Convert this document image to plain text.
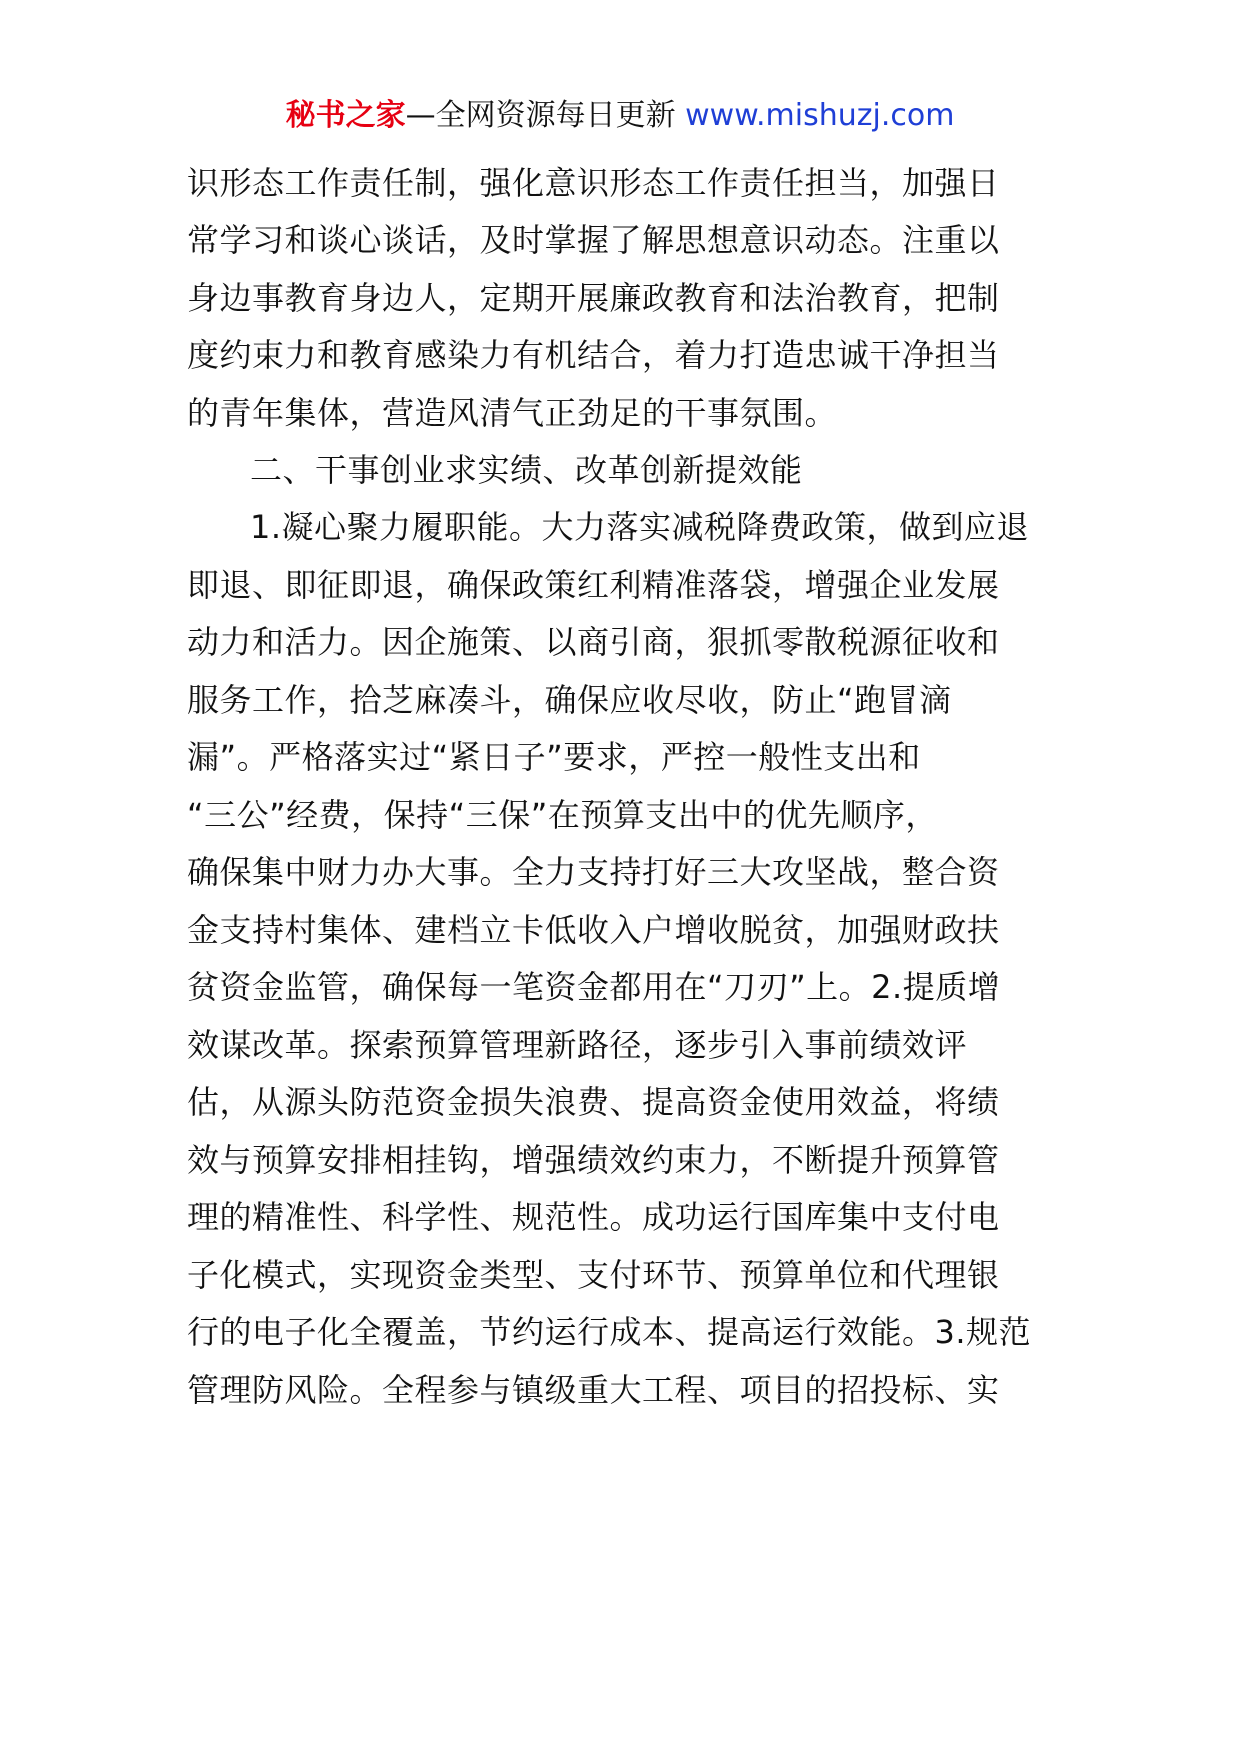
秘书之家—全网资源每日更新 www.mishuzj.com
识形态工作责任制，强化意识形态工作责任担当，加强日
常学习和谈心谈话，及时掌握了解思想意识动态。注重以
身边事教育身边人，定期开展廉政教育和法治教育，把制
度约束力和教育感染力有机结合，着力打造忠诚干净担当
的青年集体，营造风清气正劲足的干事氛围。
二、干事创业求实绩、改革创新提效能
1.凝心聚力履职能。大力落实减税降费政策，做到应退
即退、即征即退，确保政策红利精准落袋，增强企业发展
动力和活力。因企施策、以商引商，狠抓零散税源征收和
服务工作，拾芝麻凑斗，确保应收尽收，防止“跑冒滴
漏”。严格落实过“紧日子”要求，严控一般性支出和
“三公”经费，保持“三保”在预算支出中的优先顺序，
确保集中财力办大事。全力支持打好三大攻坚战，整合资
金支持村集体、建档立卡低收入户增收脱贫，加强财政扶
贫资金监管，确保每一笔资金都用在“刀刃”上。2.提质增
效谋改革。探索预算管理新路径，逐步引入事前绩效评
估，从源头防范资金损失浪费、提高资金使用效益，将绩
效与预算安排相挂钩，增强绩效约束力，不断提升预算管
理的精准性、科学性、规范性。成功运行国库集中支付电
子化模式，实现资金类型、支付环节、预算单位和代理银
行的电子化全覆盖，节约运行成本、提高运行效能。3.规范
管理防风险。全程参与镇级重大工程、项目的招投标、实
